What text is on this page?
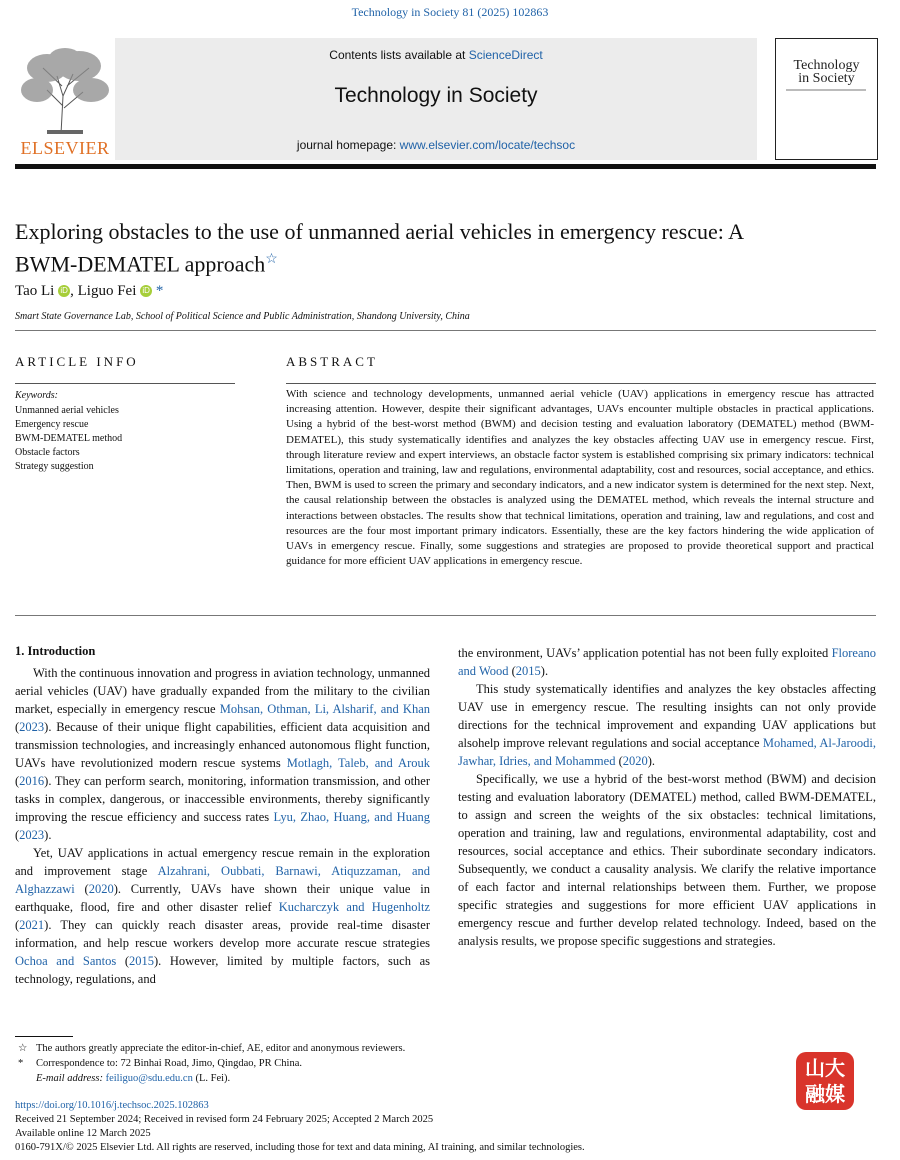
Technology in Society 81 (2025) 102863
ELSEVIER
Contents lists available at ScienceDirect
Technology in Society
journal homepage: www.elsevier.com/locate/techsoc
Technology
in Society
Exploring obstacles to the use of unmanned aerial vehicles in emergency rescue: A BWM-DEMATEL approach☆
Tao Li iD , Liguo Fei iD *
Smart State Governance Lab, School of Political Science and Public Administration, Shandong University, China
ARTICLE INFO
Keywords:
Unmanned aerial vehicles
Emergency rescue
BWM-DEMATEL method
Obstacle factors
Strategy suggestion
ABSTRACT
With science and technology developments, unmanned aerial vehicle (UAV) applications in emergency rescue has attracted increasing attention. However, despite their significant advantages, UAVs encounter multiple obstacles in practical applications. Using a hybrid of the best-worst method (BWM) and decision testing and evaluation laboratory (DEMATEL) method (BWM-DEMATEL), this study systematically identifies and analyzes the key obstacles affecting UAV use in emergency rescue. First, through literature review and expert interviews, an obstacle factor system is established comprising six primary indicators: technical limitations, operation and training, law and regulations, environmental adaptability, cost and resources, social acceptance, and ethics. Then, BWM is used to screen the primary and secondary indicators, and a new indicator system is determined for the next step. Next, the causal relationship between the obstacles is analyzed using the DEMATEL method, which reveals the internal structure and interactions between obstacles. The results show that technical limitations, operation and training, law and regulations, and cost and resources are the four most important primary indicators. Essentially, these are the key factors hindering the wide application of UAVs in emergency rescue. Finally, some suggestions and strategies are proposed to provide theoretical support and practical guidance for more efficient UAV applications in emergency rescue.
1. Introduction

With the continuous innovation and progress in aviation technology, unmanned aerial vehicles (UAV) have gradually expanded from the military to the civilian market, especially in emergency rescue Mohsan, Othman, Li, Alsharif, and Khan (2023). Because of their unique flight capabilities, efficient data acquisition and transmission technologies, and increasingly enhanced autonomous flight function, UAVs have revolutionized modern rescue systems Motlagh, Taleb, and Arouk (2016). They can perform search, monitoring, information transmission, and other tasks in complex, dangerous, or inaccessible environments, thereby significantly improving the rescue efficiency and success rates Lyu, Zhao, Huang, and Huang (2023).

Yet, UAV applications in actual emergency rescue remain in the exploration and improvement stage Alzahrani, Oubbati, Barnawi, Atiquzzaman, and Alghazzawi (2020). Currently, UAVs have shown their unique value in earthquake, flood, fire and other disaster relief Kucharczyk and Hugenholtz (2021). They can quickly reach disaster areas, provide real-time disaster information, and help rescue workers develop more accurate rescue strategies Ochoa and Santos (2015). However, limited by multiple factors, such as technology, regulations, and

the environment, UAVs’ application potential has not been fully exploited Floreano and Wood (2015).

This study systematically identifies and analyzes the key obstacles affecting UAV use in emergency rescue. The resulting insights can not only provide directions for the technical improvement and expanding UAV applications but alsohelp improve relevant regulations and social acceptance Mohamed, Al-Jaroodi, Jawhar, Idries, and Mohammed (2020).

Specifically, we use a hybrid of the best-worst method (BWM) and decision testing and evaluation laboratory (DEMATEL) method, called BWM-DEMATEL, to assign and screen the weights of the six obstacles: technical limitations, operation and training, law and regulations, environmental adaptability, cost and resources, social acceptance and ethics. Their subordinate secondary indicators. Subsequently, we conduct a causality analysis. We clarify the relative importance of each factor and internal relationships between them. Further, we propose specific strategies and suggestions for more efficient UAV applications in emergency rescue and further develop related technology. Indeed, based on the analysis results, we propose specific suggestions and strategies.

☆ The authors greatly appreciate the editor-in-chief, AE, editor and anonymous reviewers.
* Correspondence to: 72 Binhai Road, Jimo, Qingdao, PR China.
E-mail address: feiliguo@sdu.edu.cn (L. Fei).
https://doi.org/10.1016/j.techsoc.2025.102863
Received 21 September 2024; Received in revised form 24 February 2025; Accepted 2 March 2025
Available online 12 March 2025
0160-791X/© 2025 Elsevier Ltd. All rights are reserved, including those for text and data mining, AI training, and similar technologies.
山大
融媒
